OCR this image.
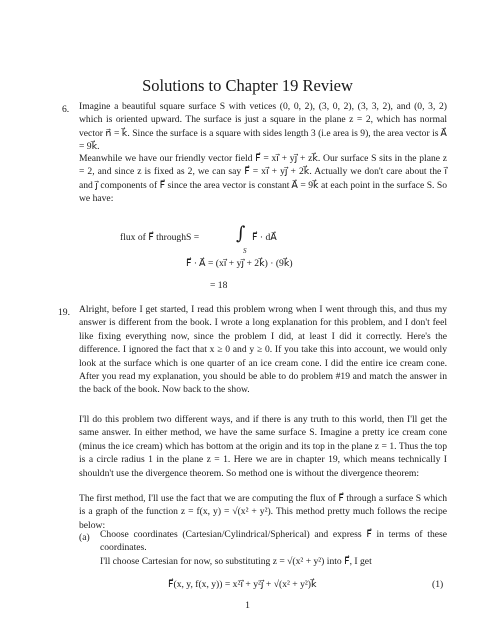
Solutions to Chapter 19 Review
6. Imagine a beautiful square surface S with vetices (0, 0, 2), (3, 0, 2), (3, 3, 2), and (0, 3, 2) which is oriented upward. The surface is just a square in the plane z = 2, which has normal vector n⃗ = k⃗. Since the surface is a square with sides length 3 (i.e area is 9), the area vector is A⃗ = 9k⃗.

Meanwhile we have our friendly vector field F⃗ = xi⃗ + yj⃗ + zk⃗. Our surface S sits in the plane z = 2, and since z is fixed as 2, we can say F⃗ = xi⃗ + yj⃗ + 2k⃗. Actually we don't care about the i⃗ and j⃗ components of F⃗ since the area vector is constant A⃗ = 9k⃗ at each point in the surface S. So we have:

flux of F⃗ throughS = ∫
S
F⃗ · dA⃗
F⃗ · A⃗ = (xi⃗ + yj⃗ + 2k⃗) · (9k⃗)
= 18
19. Alright, before I get started, I read this problem wrong when I went through this, and thus my answer is different from the book. I wrote a long explanation for this problem, and I don't feel like fixing everything now, since the problem I did, at least I did it correctly. Here's the difference. I ignored the fact that x ≥ 0 and y ≥ 0. If you take this into account, we would only look at the surface which is one quarter of an ice cream cone. I did the entire ice cream cone. After you read my explanation, you should be able to do problem #19 and match the answer in the back of the book. Now back to the show.

I'll do this problem two different ways, and if there is any truth to this world, then I'll get the same answer. In either method, we have the same surface S. Imagine a pretty ice cream cone (minus the ice cream) which has bottom at the origin and its top in the plane z = 1. Thus the top is a circle radius 1 in the plane z = 1. Here we are in chapter 19, which means technically I shouldn't use the divergence theorem. So method one is without the divergence theorem:

The first method, I'll use the fact that we are computing the flux of F⃗ through a surface S which is a graph of the function z = f(x, y) = √(x² + y²). This method pretty much follows the recipe below:

(a) Choose coordinates (Cartesian/Cylindrical/Spherical) and express F⃗ in terms of these coordinates.

I'll choose Cartesian for now, so substituting z = √(x² + y²) into F⃗, I get

F⃗(x, y, f(x, y)) = x²i⃗ + y²j⃗ + √(x² + y²)k⃗	(1)
1
